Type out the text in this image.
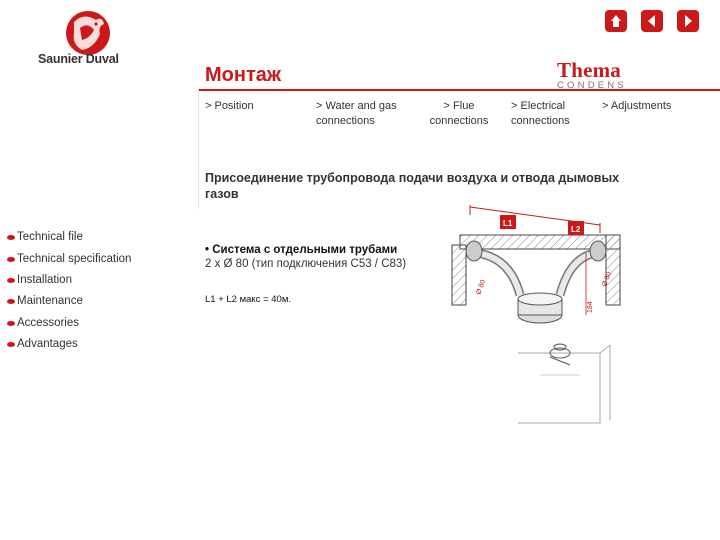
Saunier Duval
Монтаж	Thema
CONDENS
> Position	> Water and gas
connections
> Flue
connections
> Electrical
connections
> Adjustments
Присоединение трубопровода подачи воздуха и отвода дымовых газов
Technical file
Technical specification
Installation
Maintenance
Accessories
Advantages
• Система с отдельными трубами
2 x Ø 80 (тип подключения С53 / С83)
L1 + L2 макс = 40м.
L1
L2
Ø 80	Ø 80
184
